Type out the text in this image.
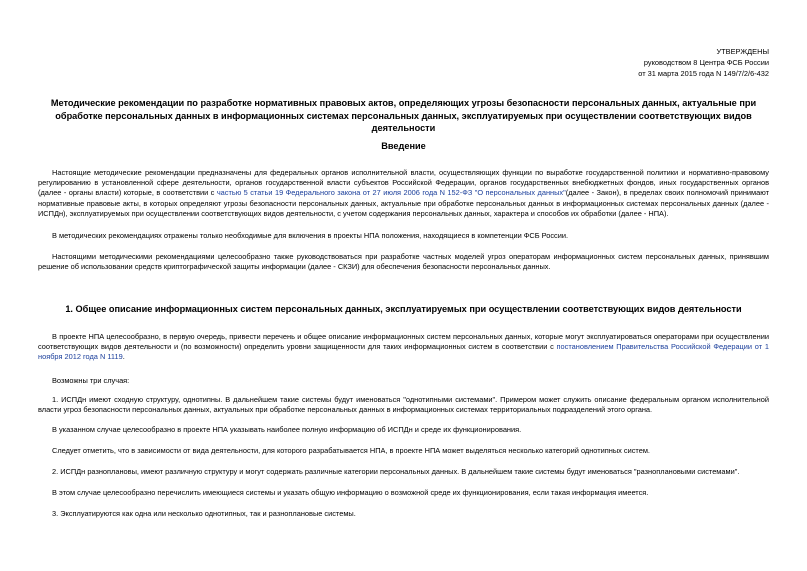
УТВЕРЖДЕНЫ
руководством 8 Центра ФСБ России
от 31 марта 2015 года N 149/7/2/6-432
Методические рекомендации по разработке нормативных правовых актов, определяющих угрозы безопасности персональных данных, актуальные при обработке персональных данных в информационных системах персональных данных, эксплуатируемых при осуществлении соответствующих видов деятельности
Введение

Настоящие методические рекомендации предназначены для федеральных органов исполнительной власти, осуществляющих функции по выработке государственной политики и нормативно-правовому регулированию в установленной сфере деятельности, органов государственной власти субъектов Российской Федерации, органов государственных внебюджетных фондов, иных государственных органов (далее - органы власти) которые, в соответствии с частью 5 статьи 19 Федерального закона от 27 июля 2006 года N 152-ФЗ "О персональных данных"(далее - Закон), в пределах своих полномочий принимают нормативные правовые акты, в которых определяют угрозы безопасности персональных данных, актуальные при обработке персональных данных в информационных системах персональных данных (далее - ИСПДн), эксплуатируемых при осуществлении соответствующих видов деятельности, с учетом содержания персональных данных, характера и способов их обработки (далее - НПА).

В методических рекомендациях отражены только необходимые для включения в проекты НПА положения, находящиеся в компетенции ФСБ России.

Настоящими методическими рекомендациями целесообразно также руководствоваться при разработке частных моделей угроз операторам информационных систем персональных данных, принявшим решение об использовании средств криптографической защиты информации (далее - СКЗИ) для обеспечения безопасности персональных данных.

1. Общее описание информационных систем персональных данных, эксплуатируемых при осуществлении соответствующих видов деятельности

В проекте НПА целесообразно, в первую очередь, привести перечень и общее описание информационных систем персональных данных, которые могут эксплуатироваться операторами при осуществлении соответствующих видов деятельности и (по возможности) определить уровни защищенности для таких информационных систем в соответствии с постановлением Правительства Российской Федерации от 1 ноября 2012 года N 1119.

Возможны три случая:

1. ИСПДн имеют сходную структуру, однотипны. В дальнейшем такие системы будут именоваться "однотипными системами". Примером может служить описание федеральным органом исполнительной власти угроз безопасности персональных данных, актуальных при обработке персональных данных в информационных системах территориальных подразделений этого органа.

В указанном случае целесообразно в проекте НПА указывать наиболее полную информацию об ИСПДн и среде их функционирования.

Следует отметить, что в зависимости от вида деятельности, для которого разрабатывается НПА, в проекте НПА может выделяться несколько категорий однотипных систем.

2. ИСПДн разноплановы, имеют различную структуру и могут содержать различные категории персональных данных. В дальнейшем такие системы будут именоваться "разноплановыми системами".

В этом случае целесообразно перечислить имеющиеся системы и указать общую информацию о возможной среде их функционирования, если такая информация имеется.

3. Эксплуатируются как одна или несколько однотипных, так и разноплановые системы.
